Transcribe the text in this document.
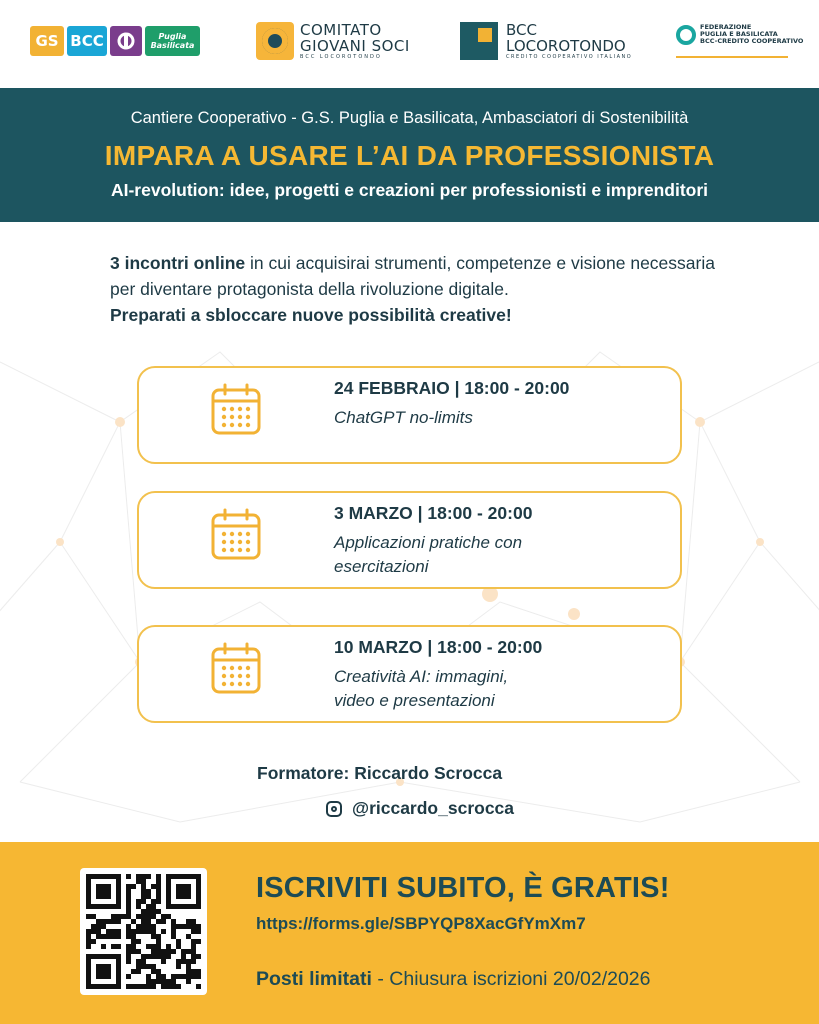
GS BCC	Puglia Basilicata
COMITATO
GIOVANI SOCI
BCC LOCOROTONDO
BCC
LOCOROTONDO
CREDITO COOPERATIVO ITALIANO
FEDERAZIONE
PUGLIA E BASILICATA
BCC-CREDITO COOPERATIVO
Cantiere Cooperativo - G.S. Puglia e Basilicata, Ambasciatori di Sostenibilità
IMPARA A USARE L’AI DA PROFESSIONISTA
AI-revolution: idee, progetti e creazioni per professionisti e imprenditori
3 incontri online in cui acquisirai strumenti, competenze e visione necessaria per diventare protagonista della rivoluzione digitale.
Preparati a sbloccare nuove possibilità creative!
24 FEBBRAIO | 18:00 - 20:00
ChatGPT no-limits
3 MARZO | 18:00 - 20:00
Applicazioni pratiche con
esercitazioni
10 MARZO | 18:00 - 20:00
Creatività AI: immagini,
video e presentazioni
Formatore: Riccardo Scrocca
@riccardo_scrocca
ISCRIVITI SUBITO, È GRATIS!
https://forms.gle/SBPYQP8XacGfYmXm7
Posti limitati - Chiusura iscrizioni 20/02/2026
